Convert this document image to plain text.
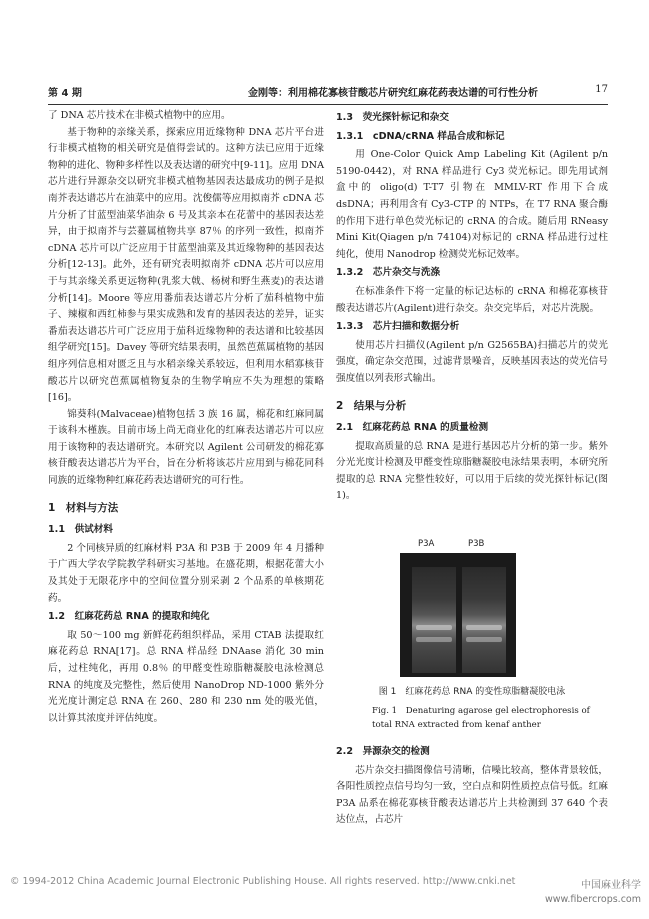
第 4 期	金刚等：利用棉花寡核苷酸芯片研究红麻花药表达谱的可行性分析	17

了 DNA 芯片技术在非模式植物中的应用。

基于物种的亲缘关系，探索应用近缘物种 DNA 芯片平台进行非模式植物的相关研究是值得尝试的。这种方法已应用于近缘物种的进化、物种多样性以及表达谱的研究中[9-11]。应用 DNA 芯片进行异源杂交以研究非模式植物基因表达最成功的例子是拟南芥表达谱芯片在油菜中的应用。沈俊儒等应用拟南芥 cDNA 芯片分析了甘蓝型油菜华油杂 6 号及其亲本在花蕾中的基因表达差异，由于拟南芥与芸薹属植物共享 87％ 的序列一致性，拟南芥 cDNA 芯片可以广泛应用于甘蓝型油菜及其近缘物种的基因表达分析[12-13]。此外，还有研究表明拟南芥 cDNA 芯片可以应用于与其亲缘关系更远物种(乳浆大戟、杨树和野生燕麦)的表达谱分析[14]。Moore 等应用番茄表达谱芯片分析了茄科植物中茄子、辣椒和西红柿参与果实成熟和发育的基因表达的差异，证实番茄表达谱芯片可广泛应用于茄科近缘物种的表达谱和比较基因组学研究[15]。Davey 等研究结果表明，虽然芭蕉属植物的基因组序列信息相对匮乏且与水稻亲缘关系较远，但利用水稻寡核苷酸芯片以研究芭蕉属植物复杂的生物学响应不失为理想的策略[16]。

锦葵科(Malvaceae)植物包括 3 族 16 属，棉花和红麻同属于该科木槿族。目前市场上尚无商业化的红麻表达谱芯片可以应用于该物种的表达谱研究。本研究以 Agilent 公司研发的棉花寡核苷酸表达谱芯片为平台，旨在分析将该芯片应用到与棉花同科同族的近缘物种红麻花药表达谱研究的可行性。

1　材料与方法
1.1　供试材料

2 个同核异质的红麻材料 P3A 和 P3B 于 2009 年 4 月播种于广西大学农学院教学科研实习基地。在盛花期，根据花蕾大小及其处于无限花序中的空间位置分别采剥 2 个品系的单核期花药。

1.2　红麻花药总 RNA 的提取和纯化

取 50～100 mg 新鲜花药组织样品，采用 CTAB 法提取红麻花药总 RNA[17]。总 RNA 样品经 DNAase 消化 30 min 后，过柱纯化，再用 0.8％ 的甲醛变性琼脂糖凝胶电泳检测总 RNA 的纯度及完整性，然后使用 NanoDrop ND-1000 紫外分光光度计测定总 RNA 在 260、280 和 230 nm 处的吸光值，以计算其浓度并评估纯度。

1.3　荧光探针标记和杂交
1.3.1　cDNA/cRNA 样品合成和标记

用 One-Color Quick Amp Labeling Kit (Agilent p/n 5190-0442)，对 RNA 样品进行 Cy3 荧光标记。即先用试剂盒中的 oligo(d) T-T7 引物在 MMLV-RT 作用下合成 dsDNA；再利用含有 Cy3-CTP 的 NTPs，在 T7 RNA 聚合酶的作用下进行单色荧光标记的 cRNA 的合成。随后用 RNeasy Mini Kit(Qiagen p/n 74104)对标记的 cRNA 样品进行过柱纯化，使用 Nanodrop 检测荧光标记效率。

1.3.2　芯片杂交与洗涤

在标准条件下将一定量的标记达标的 cRNA 和棉花寡核苷酸表达谱芯片(Agilent)进行杂交。杂交完毕后，对芯片洗脱。

1.3.3　芯片扫描和数据分析

使用芯片扫描仪(Agilent p/n G2565BA)扫描芯片的荧光强度，确定杂交范围，过滤背景噪音，反映基因表达的荧光信号强度值以列表形式输出。

2　结果与分析
2.1　红麻花药总 RNA 的质量检测

提取高质量的总 RNA 是进行基因芯片分析的第一步。紫外分光光度计检测及甲醛变性琼脂糖凝胶电泳结果表明，本研究所提取的总 RNA 完整性较好，可以用于后续的荧光探针标记(图 1)。

P3A	P3B
图 1　红麻花药总 RNA 的变性琼脂糖凝胶电泳
Fig. 1　Denaturing agarose gel electrophoresis of total RNA extracted from kenaf anther
2.2　异源杂交的检测

芯片杂交扫描图像信号清晰，信噪比较高，整体背景较低，各阳性质控点信号均匀一致，空白点和阴性质控点信号低。红麻 P3A 品系在棉花寡核苷酸表达谱芯片上共检测到 37 640 个表达位点，占芯片

© 1994-2012 China Academic Journal Electronic Publishing House. All rights reserved. http://www.cnki.net	中国麻业科学
www.fibercrops.com
